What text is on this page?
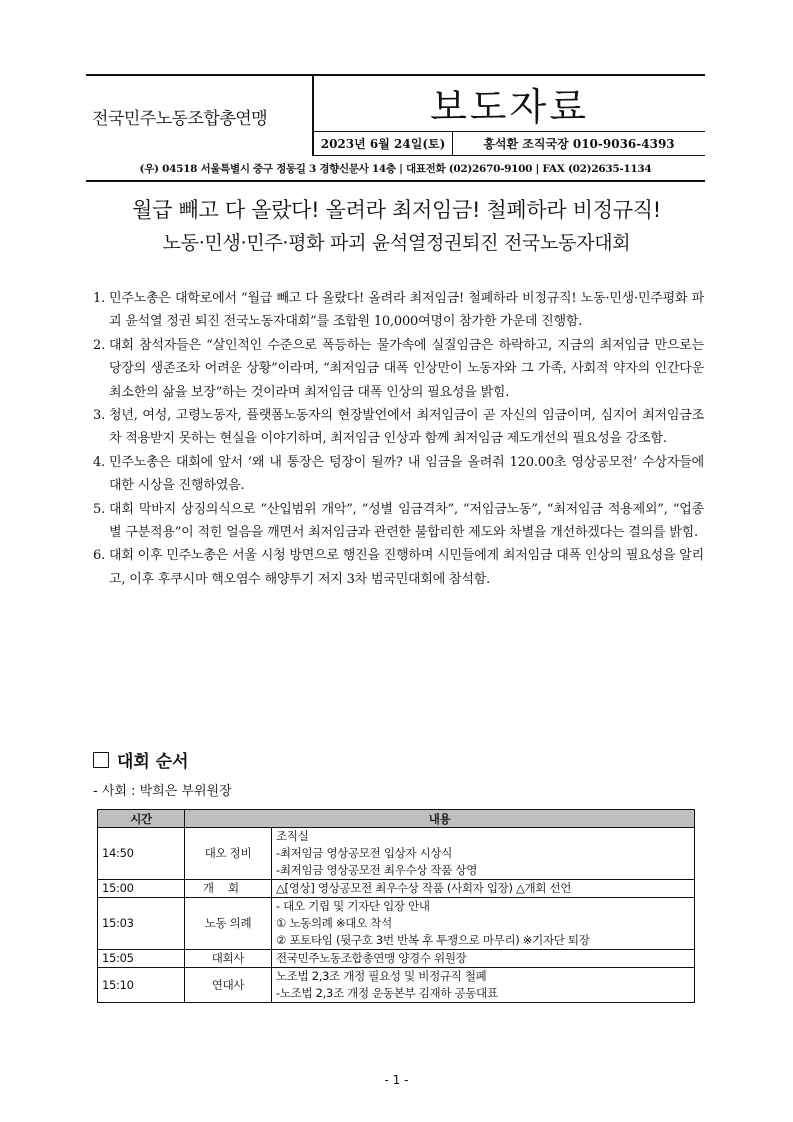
전국민주노동조합총연맹	보도자료
2023년 6월 24일(토)	홍석환 조직국장 010-9036-4393
(우) 04518 서울특별시 중구 정동길 3 경향신문사 14층 | 대표전화 (02)2670-9100 | FAX (02)2635-1134
월급 빼고 다 올랐다! 올려라 최저임금! 철폐하라 비정규직!
노동·민생·민주·평화 파괴 윤석열정권퇴진 전국노동자대회
1. 민주노총은 대학로에서 “월급 빼고 다 올랐다! 올려라 최저임금! 철폐하라 비정규직! 노동·민생·민주평화 파괴 윤석열 정권 퇴진 전국노동자대회”를 조합원 10,000여명이 참가한 가운데 진행함.
2. 대회 참석자들은 “살인적인 수준으로 폭등하는 물가속에 실질임금은 하락하고, 지금의 최저임금 만으로는 당장의 생존조차 어려운 상황”이라며, “최저임금 대폭 인상만이 노동자와 그 가족, 사회적 약자의 인간다운 최소한의 삶을 보장”하는 것이라며 최저임금 대폭 인상의 필요성을 밝힘.
3. 청년, 여성, 고령노동자, 플랫폼노동자의 현장발언에서 최저임금이 곧 자신의 임금이며, 심지어 최저임금조차 적용받지 못하는 현실을 이야기하며, 최저임금 인상과 함께 최저임금 제도개선의 필요성을 강조함.
4. 민주노총은 대회에 앞서 ‘왜 내 통장은 텅장이 될까? 내 임금을 올려줘 120.00초 영상공모전’ 수상자들에 대한 시상을 진행하였음.
5. 대회 막바지 상징의식으로 “산입범위 개악”, “성별 임금격차”, “저임금노동”, “최저임금 적용제외”, “업종별 구분적용”이 적힌 얼음을 깨면서 최저임금과 관련한 불합리한 제도와 차별을 개선하겠다는 결의를 밝힘.
6. 대회 이후 민주노총은 서울 시청 방면으로 행진을 진행하며 시민들에게 최저임금 대폭 인상의 필요성을 알리고, 이후 후쿠시마 핵오염수 해양투기 저지 3차 범국민대회에 참석함.
대회 순서
- 사회 : 박희은 부위원장
시간	내용	
14:50	대오 정비	조직실
-최저임금 영상공모전 입상자 시상식
-최저임금 영상공모전 최우수상 작품 상영

15:00	개회	△[영상] 영상공모전 최우수상 작품 (사회자 입장) △개회 선언

15:03	노동 의례	- 대오 기립 및 기자단 입장 안내
① 노동의례 ※대오 착석
② 포토타임 (뒷구호 3번 반복 후 투쟁으로 마무리) ※기자단 퇴장

15:05	대회사	전국민주노동조합총연맹 양경수 위원장

15:10	연대사	노조법 2,3조 개정 필요성 및 비정규직 철폐
-노조법 2,3조 개정 운동본부 김재하 공동대표
- 1 -
